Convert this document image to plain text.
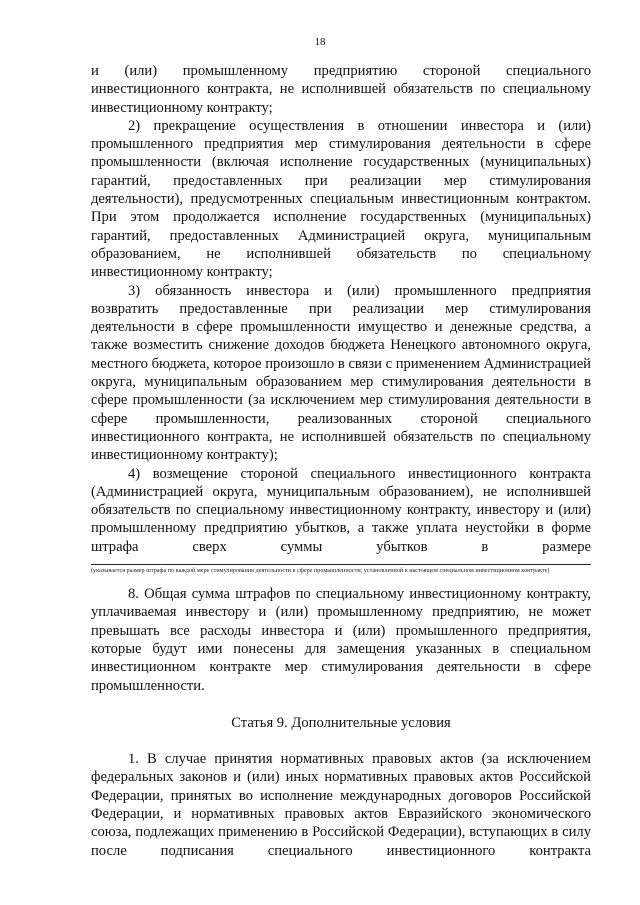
18

и (или) промышленному предприятию стороной специального инвестиционного контракта, не исполнившей обязательств по специальному инвестиционному контракту;

2) прекращение осуществления в отношении инвестора и (или) промышленного предприятия мер стимулирования деятельности в сфере промышленности (включая исполнение государственных (муниципальных) гарантий, предоставленных при реализации мер стимулирования деятельности), предусмотренных специальным инвестиционным контрактом. При этом продолжается исполнение государственных (муниципальных) гарантий, предоставленных Администрацией округа, муниципальным образованием, не исполнившей обязательств по специальному инвестиционному контракту;

3) обязанность инвестора и (или) промышленного предприятия возвратить предоставленные при реализации мер стимулирования деятельности в сфере промышленности имущество и денежные средства, а также возместить снижение доходов бюджета Ненецкого автономного округа, местного бюджета, которое произошло в связи с применением Администрацией округа, муниципальным образованием мер стимулирования деятельности в сфере промышленности (за исключением мер стимулирования деятельности в сфере промышленности, реализованных стороной специального инвестиционного контракта, не исполнившей обязательств по специальному инвестиционному контракту);

4) возмещение стороной специального инвестиционного контракта (Администрацией округа, муниципальным образованием), не исполнившей обязательств по специальному инвестиционному контракту, инвестору и (или) промышленному предприятию убытков, а также уплата неустойки в форме штрафа сверх суммы убытков в размере

(указывается размер штрафа по каждой мере стимулирования деятельности в сфере промышленности, установленной в настоящем специальном инвестиционном контракте)

8. Общая сумма штрафов по специальному инвестиционному контракту, уплачиваемая инвестору и (или) промышленному предприятию, не может превышать все расходы инвестора и (или) промышленного предприятия, которые будут ими понесены для замещения указанных в специальном инвестиционном контракте мер стимулирования деятельности в сфере промышленности.

Статья 9. Дополнительные условия

1. В случае принятия нормативных правовых актов (за исключением федеральных законов и (или) иных нормативных правовых актов Российской Федерации, принятых во исполнение международных договоров Российской Федерации, и нормативных правовых актов Евразийского экономического союза, подлежащих применению в Российской Федерации), вступающих в силу после подписания специального инвестиционного контракта
